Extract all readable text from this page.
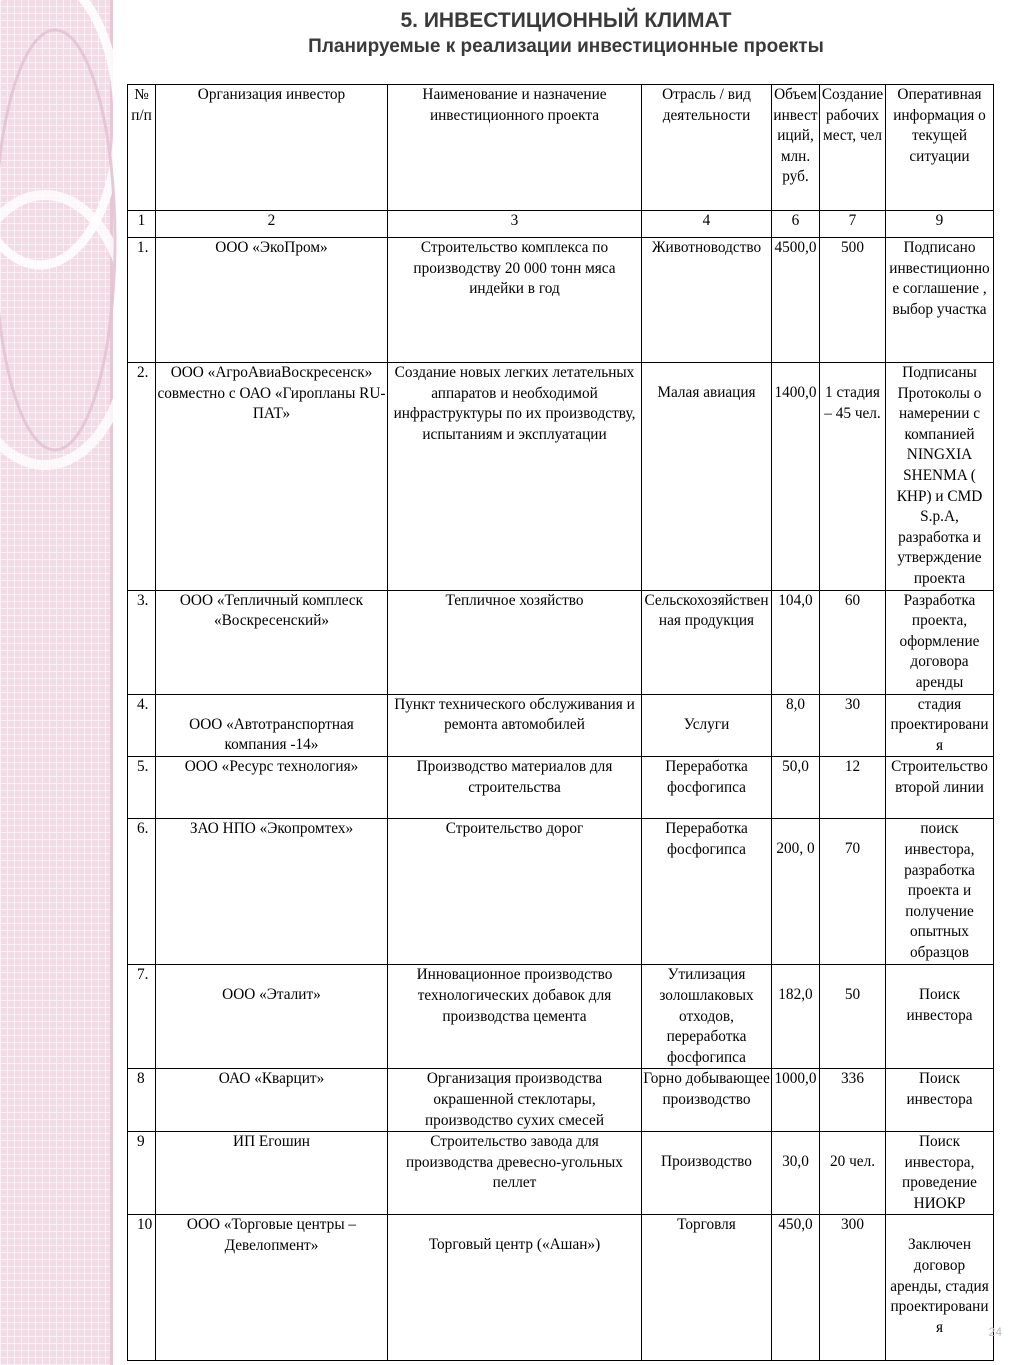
5. ИНВЕСТИЦИОННЫЙ КЛИМАТ
Планируемые к реализации инвестиционные проекты
№ п/п	Организация инвестор	Наименование и назначение инвестиционного проекта	Отрасль / вид деятельности	Объем инвестиций, млн. руб.	Создание рабочих мест, чел	Оперативная информация о текущей ситуации
1	2	3	4	6	7	9
1.	ООО «ЭкоПром»	Строительство комплекса по производству 20 000 тонн мяса индейки в год	Животноводство	4500,0	500	Подписано инвестиционное соглашение , выбор участка
2.	ООО «АгроАвиаВоскресенск» совместно с ОАО «Гиропланы RU-ПАТ»	Создание новых легких летательных аппаратов и необходимой инфраструктуры по их производству, испытаниям и эксплуатации	Малая авиация	1400,0	1 стадия – 45 чел.	Подписаны Протоколы о намерении с компанией NINGXIA SHENMA ( КНР) и CMD S.p.A, разработка и утверждение проекта
3.	ООО «Тепличный комплеск «Воскресенский»	Тепличное хозяйство	Сельскохозяйственная продукция	104,0	60	Разработка проекта, оформление договора аренды
4.	ООО «Автотранспортная компания -14»	Пункт технического обслуживания и ремонта автомобилей	Услуги	8,0	30	стадия проектирования
5.	ООО «Ресурс технология»	Производство материалов для строительства	Переработка фосфогипса	50,0	12	Строительство второй линии
6.	ЗАО НПО «Экопромтех»	Строительство дорог	Переработка фосфогипса	200, 0	70	поиск инвестора, разработка проекта и получение опытных образцов
7.	ООО «Эталит»	Инновационное производство технологических добавок для производства цемента	Утилизация золошлаковых отходов, переработка фосфогипса	182,0	50	Поиск инвестора
8	ОАО «Кварцит»	Организация производства окрашенной стеклотары, производство сухих смесей	Горно добывающее производство	1000,0	336	Поиск инвестора
9	ИП Егошин	Строительство завода для производства древесно-угольных пеллет	Производство	30,0	20 чел.	Поиск инвестора, проведение НИОКР
10	ООО «Торговые центры – Девелопмент»	Торговый центр («Ашан»)	Торговля	450,0	300	Заключен договор аренды, стадия проектирования	24
